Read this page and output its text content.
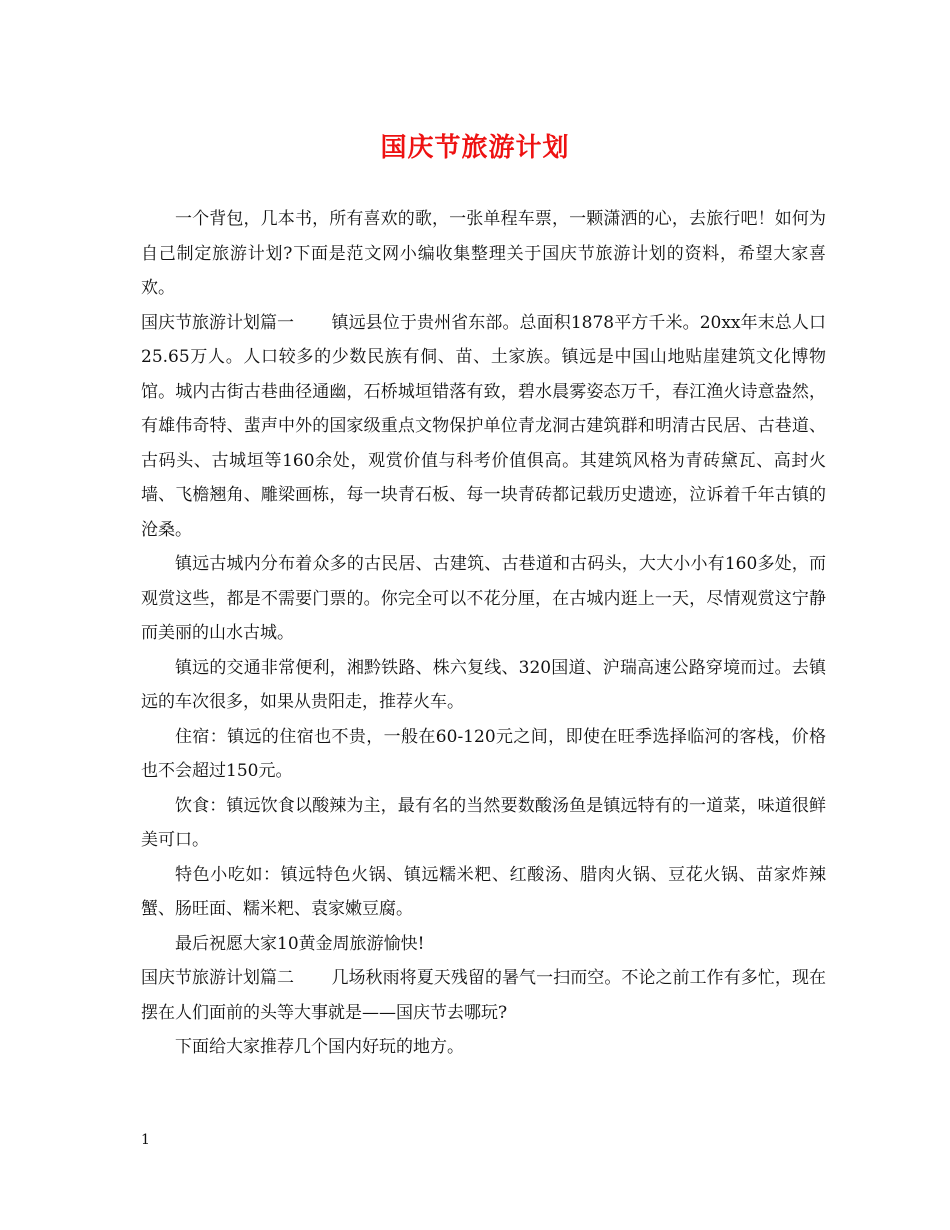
国庆节旅游计划

一个背包，几本书，所有喜欢的歌，一张单程车票，一颗潇洒的心，去旅行吧！如何为自己制定旅游计划?下面是范文网小编收集整理关于国庆节旅游计划的资料，希望大家喜欢。

国庆节旅游计划篇一 镇远县位于贵州省东部。总面积1878平方千米。20xx年末总人口25.65万人。人口较多的少数民族有侗、苗、土家族。镇远是中国山地贴崖建筑文化博物馆。城内古街古巷曲径通幽，石桥城垣错落有致，碧水晨雾姿态万千，春江渔火诗意盎然，有雄伟奇特、蜚声中外的国家级重点文物保护单位青龙洞古建筑群和明清古民居、古巷道、古码头、古城垣等160余处，观赏价值与科考价值俱高。其建筑风格为青砖黛瓦、高封火墙、飞檐翘角、雕梁画栋，每一块青石板、每一块青砖都记载历史遗迹，泣诉着千年古镇的沧桑。

镇远古城内分布着众多的古民居、古建筑、古巷道和古码头，大大小小有160多处，而观赏这些，都是不需要门票的。你完全可以不花分厘，在古城内逛上一天，尽情观赏这宁静而美丽的山水古城。

镇远的交通非常便利，湘黔铁路、株六复线、320国道、沪瑞高速公路穿境而过。去镇远的车次很多，如果从贵阳走，推荐火车。

住宿：镇远的住宿也不贵，一般在60-120元之间，即使在旺季选择临河的客栈，价格也不会超过150元。

饮食：镇远饮食以酸辣为主，最有名的当然要数酸汤鱼是镇远特有的一道菜，味道很鲜美可口。

特色小吃如：镇远特色火锅、镇远糯米粑、红酸汤、腊肉火锅、豆花火锅、苗家炸辣蟹、肠旺面、糯米粑、袁家嫩豆腐。

最后祝愿大家10黄金周旅游愉快!

国庆节旅游计划篇二 几场秋雨将夏天残留的暑气一扫而空。不论之前工作有多忙，现在摆在人们面前的头等大事就是——国庆节去哪玩?

下面给大家推荐几个国内好玩的地方。

1
